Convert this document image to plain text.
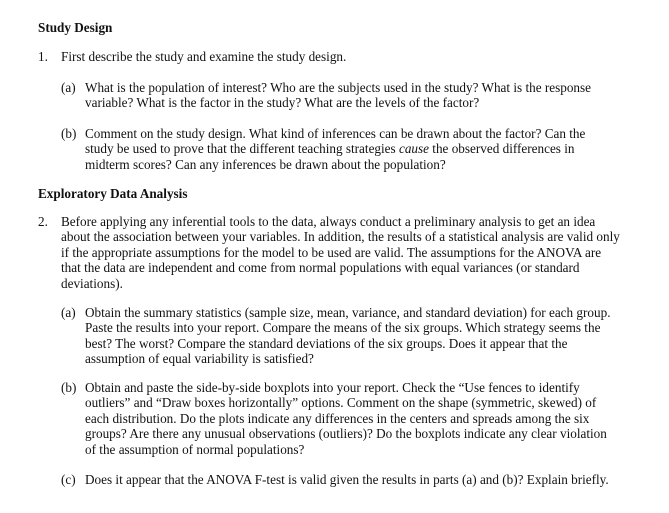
Study Design
1. First describe the study and examine the study design.
(a) What is the population of interest? Who are the subjects used in the study? What is the response variable? What is the factor in the study? What are the levels of the factor?
(b) Comment on the study design. What kind of inferences can be drawn about the factor? Can the study be used to prove that the different teaching strategies cause the observed differences in midterm scores? Can any inferences be drawn about the population?
Exploratory Data Analysis
2. Before applying any inferential tools to the data, always conduct a preliminary analysis to get an idea about the association between your variables. In addition, the results of a statistical analysis are valid only if the appropriate assumptions for the model to be used are valid. The assumptions for the ANOVA are that the data are independent and come from normal populations with equal variances (or standard deviations).
(a) Obtain the summary statistics (sample size, mean, variance, and standard deviation) for each group. Paste the results into your report. Compare the means of the six groups. Which strategy seems the best? The worst? Compare the standard deviations of the six groups. Does it appear that the assumption of equal variability is satisfied?
(b) Obtain and paste the side-by-side boxplots into your report. Check the “Use fences to identify outliers” and “Draw boxes horizontally” options. Comment on the shape (symmetric, skewed) of each distribution. Do the plots indicate any differences in the centers and spreads among the six groups? Are there any unusual observations (outliers)? Do the boxplots indicate any clear violation of the assumption of normal populations?
(c) Does it appear that the ANOVA F-test is valid given the results in parts (a) and (b)? Explain briefly.
